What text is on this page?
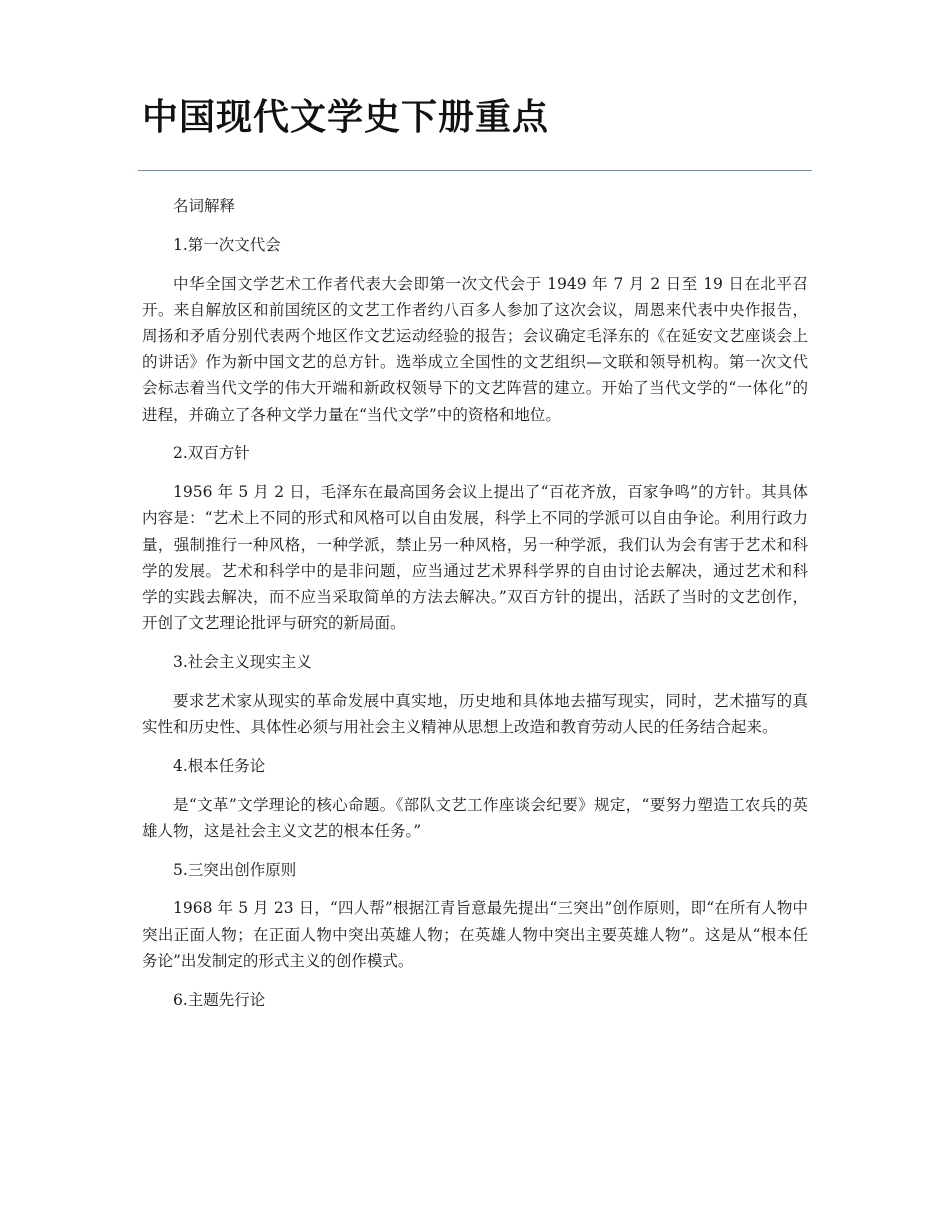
中国现代文学史下册重点

名词解释

1.第一次文代会

中华全国文学艺术工作者代表大会即第一次文代会于 1949 年 7 月 2 日至 19 日在北平召开。来自解放区和前国统区的文艺工作者约八百多人参加了这次会议，周恩来代表中央作报告，周扬和矛盾分别代表两个地区作文艺运动经验的报告；会议确定毛泽东的《在延安文艺座谈会上的讲话》作为新中国文艺的总方针。选举成立全国性的文艺组织—文联和领导机构。第一次文代会标志着当代文学的伟大开端和新政权领导下的文艺阵营的建立。开始了当代文学的“一体化”的进程，并确立了各种文学力量在“当代文学”中的资格和地位。

2.双百方针

1956 年 5 月 2 日，毛泽东在最高国务会议上提出了“百花齐放，百家争鸣”的方针。其具体内容是：“艺术上不同的形式和风格可以自由发展，科学上不同的学派可以自由争论。利用行政力量，强制推行一种风格，一种学派，禁止另一种风格，另一种学派，我们认为会有害于艺术和科学的发展。艺术和科学中的是非问题，应当通过艺术界科学界的自由讨论去解决，通过艺术和科学的实践去解决，而不应当采取简单的方法去解决。”双百方针的提出，活跃了当时的文艺创作，开创了文艺理论批评与研究的新局面。

3.社会主义现实主义

要求艺术家从现实的革命发展中真实地，历史地和具体地去描写现实，同时，艺术描写的真实性和历史性、具体性必须与用社会主义精神从思想上改造和教育劳动人民的任务结合起来。

4.根本任务论

是“文革”文学理论的核心命题。《部队文艺工作座谈会纪要》规定，“要努力塑造工农兵的英雄人物，这是社会主义文艺的根本任务。”

5.三突出创作原则

1968 年 5 月 23 日，“四人帮”根据江青旨意最先提出“三突出”创作原则，即“在所有人物中突出正面人物；在正面人物中突出英雄人物；在英雄人物中突出主要英雄人物”。这是从“根本任务论”出发制定的形式主义的创作模式。

6.主题先行论
